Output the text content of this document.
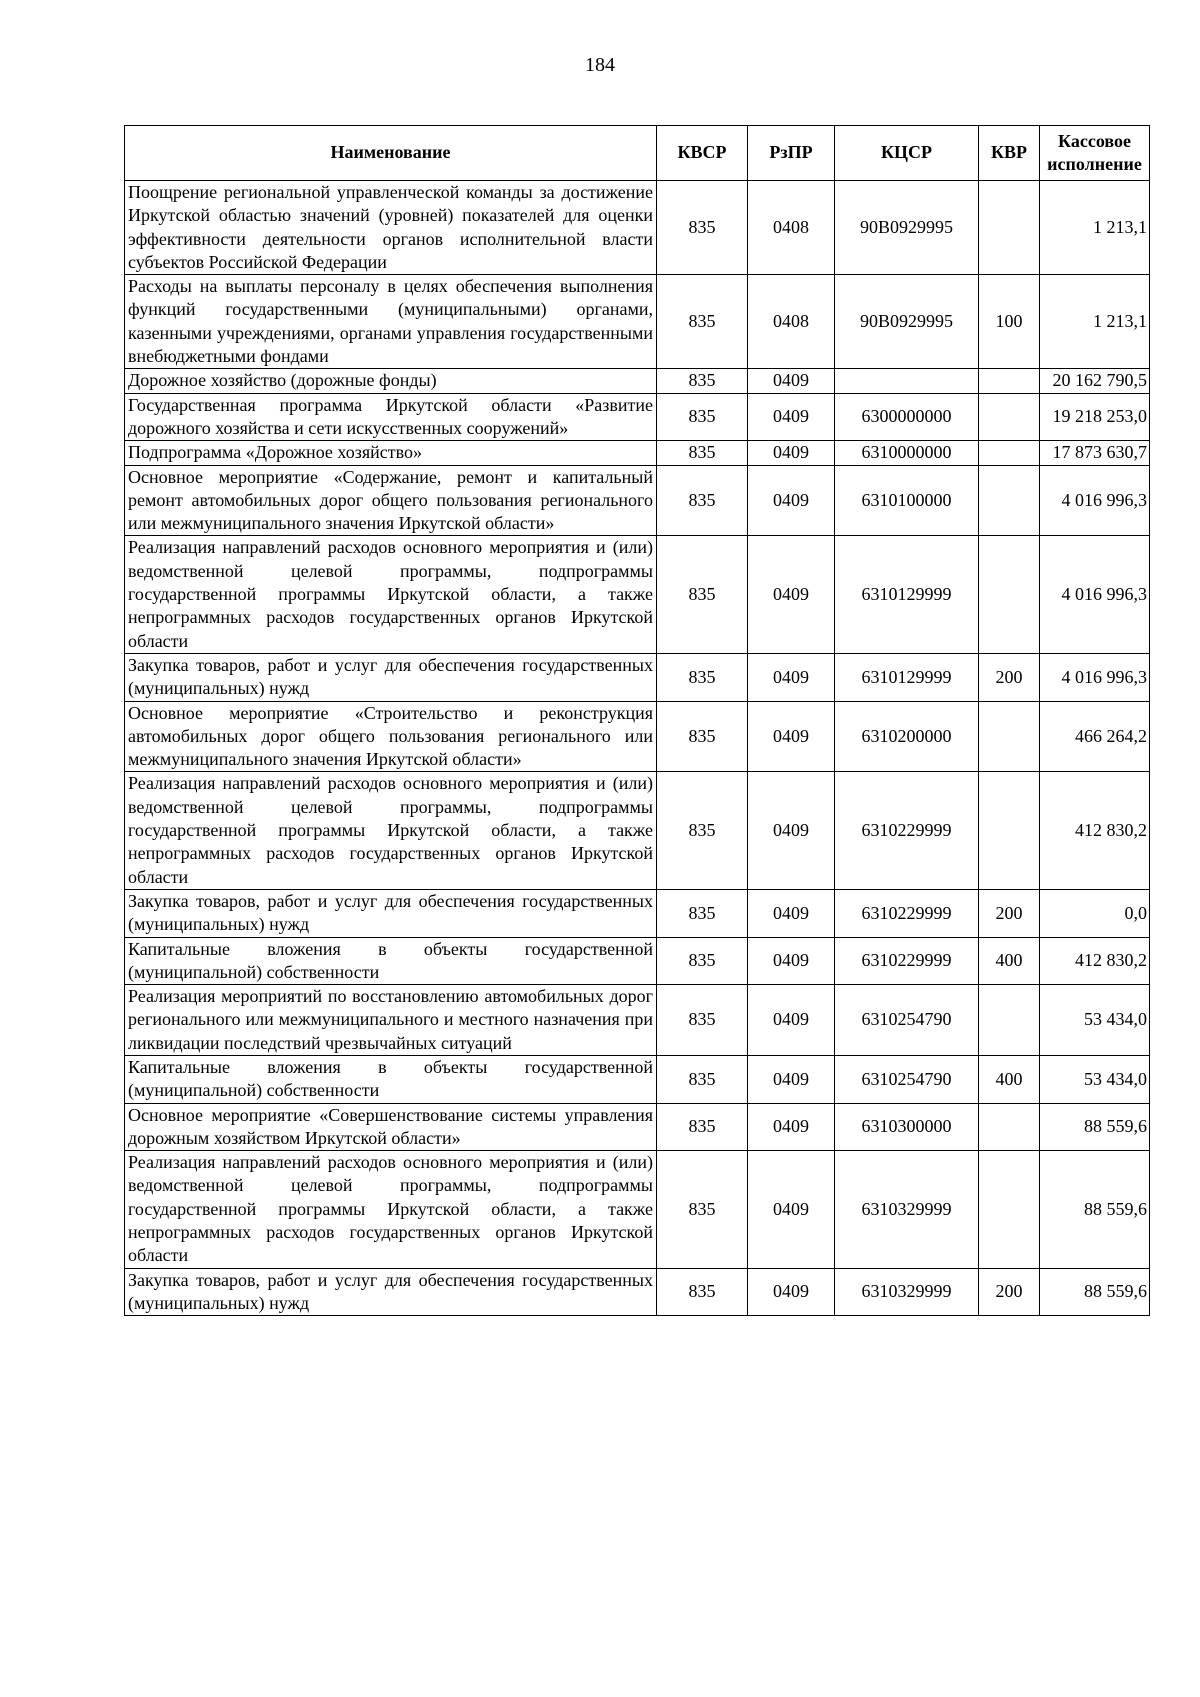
184
Наименование	КВСР	РзПР	КЦСР	КВР	Кассовое исполнение
Поощрение региональной управленческой команды за достижение Иркутской областью значений (уровней) показателей для оценки эффективности деятельности органов исполнительной власти субъектов Российской Федерации	835	0408	90В0929995		1 213,1
Расходы на выплаты персоналу в целях обеспечения выполнения функций государственными (муниципальными) органами, казенными учреждениями, органами управления государственными внебюджетными фондами	835	0408	90В0929995	100	1 213,1
Дорожное хозяйство (дорожные фонды)	835	0409			20 162 790,5
Государственная программа Иркутской области «Развитие дорожного хозяйства и сети искусственных сооружений»	835	0409	6300000000		19 218 253,0
Подпрограмма «Дорожное хозяйство»	835	0409	6310000000		17 873 630,7
Основное мероприятие «Содержание, ремонт и капитальный ремонт автомобильных дорог общего пользования регионального или межмуниципального значения Иркутской области»	835	0409	6310100000		4 016 996,3
Реализация направлений расходов основного мероприятия и (или) ведомственной целевой программы, подпрограммы государственной программы Иркутской области, а также непрограммных расходов государственных органов Иркутской области	835	0409	6310129999		4 016 996,3
Закупка товаров, работ и услуг для обеспечения государственных (муниципальных) нужд	835	0409	6310129999	200	4 016 996,3
Основное мероприятие «Строительство и реконструкция автомобильных дорог общего пользования регионального или межмуниципального значения Иркутской области»	835	0409	6310200000		466 264,2
Реализация направлений расходов основного мероприятия и (или) ведомственной целевой программы, подпрограммы государственной программы Иркутской области, а также непрограммных расходов государственных органов Иркутской области	835	0409	6310229999		412 830,2
Закупка товаров, работ и услуг для обеспечения государственных (муниципальных) нужд	835	0409	6310229999	200	0,0
Капитальные вложения в объекты государственной (муниципальной) собственности	835	0409	6310229999	400	412 830,2
Реализация мероприятий по восстановлению автомобильных дорог регионального или межмуниципального и местного назначения при ликвидации последствий чрезвычайных ситуаций	835	0409	6310254790		53 434,0
Капитальные вложения в объекты государственной (муниципальной) собственности	835	0409	6310254790	400	53 434,0
Основное мероприятие «Совершенствование системы управления дорожным хозяйством Иркутской области»	835	0409	6310300000		88 559,6
Реализация направлений расходов основного мероприятия и (или) ведомственной целевой программы, подпрограммы государственной программы Иркутской области, а также непрограммных расходов государственных органов Иркутской области	835	0409	6310329999		88 559,6
Закупка товаров, работ и услуг для обеспечения государственных (муниципальных) нужд	835	0409	6310329999	200	88 559,6
